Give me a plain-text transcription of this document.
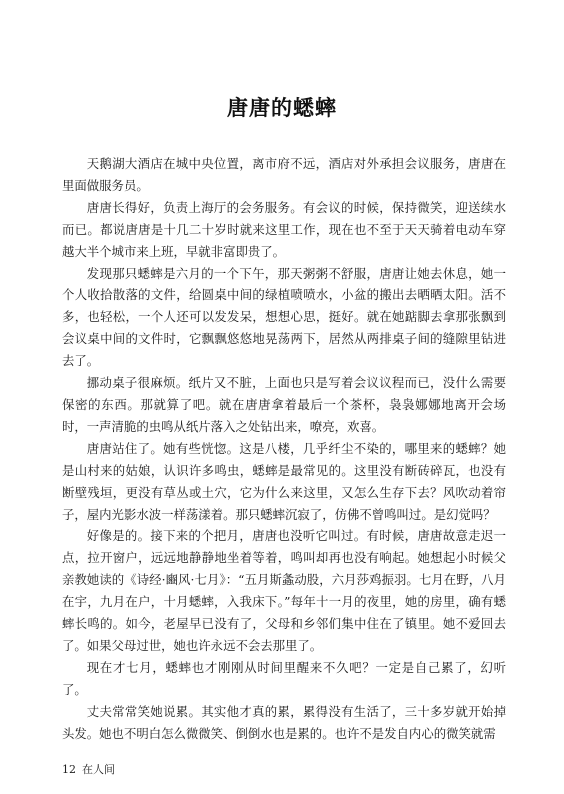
唐唐的蟋蟀

天鹅湖大酒店在城中央位置，离市府不远，酒店对外承担会议服务，唐唐在里面做服务员。

唐唐长得好，负责上海厅的会务服务。有会议的时候，保持微笑，迎送续水而已。都说唐唐是十几二十岁时就来这里工作，现在也不至于天天骑着电动车穿越大半个城市来上班，早就非富即贵了。

发现那只蟋蟀是六月的一个下午，那天粥粥不舒服，唐唐让她去休息，她一个人收拾散落的文件，给圆桌中间的绿植喷喷水，小盆的搬出去晒晒太阳。活不多，也轻松，一个人还可以发发呆，想想心思，挺好。就在她踮脚去拿那张飘到会议桌中间的文件时，它飘飘悠悠地晃荡两下，居然从两排桌子间的缝隙里钻进去了。

挪动桌子很麻烦。纸片又不脏，上面也只是写着会议议程而已，没什么需要保密的东西。那就算了吧。就在唐唐拿着最后一个茶杯，袅袅娜娜地离开会场时，一声清脆的虫鸣从纸片落入之处钻出来，嘹亮，欢喜。

唐唐站住了。她有些恍惚。这是八楼，几乎纤尘不染的，哪里来的蟋蟀？她是山村来的姑娘，认识许多鸣虫，蟋蟀是最常见的。这里没有断砖碎瓦，也没有断壁残垣，更没有草丛或土穴，它为什么来这里，又怎么生存下去？风吹动着帘子，屋内光影水波一样荡漾着。那只蟋蟀沉寂了，仿佛不曾鸣叫过。是幻觉吗？

好像是的。接下来的个把月，唐唐也没听它叫过。有时候，唐唐故意走迟一点，拉开窗户，远远地静静地坐着等着，鸣叫却再也没有响起。她想起小时候父亲教她读的《诗经·豳风·七月》：“五月斯螽动股，六月莎鸡振羽。七月在野，八月在宇，九月在户，十月蟋蟀，入我床下。”每年十一月的夜里，她的房里，确有蟋蟀长鸣的。如今，老屋早已没有了，父母和乡邻们集中住在了镇里。她不爱回去了。如果父母过世，她也许永远不会去那里了。

现在才七月，蟋蟀也才刚刚从时间里醒来不久吧？一定是自己累了，幻听了。

丈夫常常笑她说累。其实他才真的累，累得没有生活了，三十多岁就开始掉头发。她也不明白怎么微微笑、倒倒水也是累的。也许不是发自内心的微笑就需

12 在人间
